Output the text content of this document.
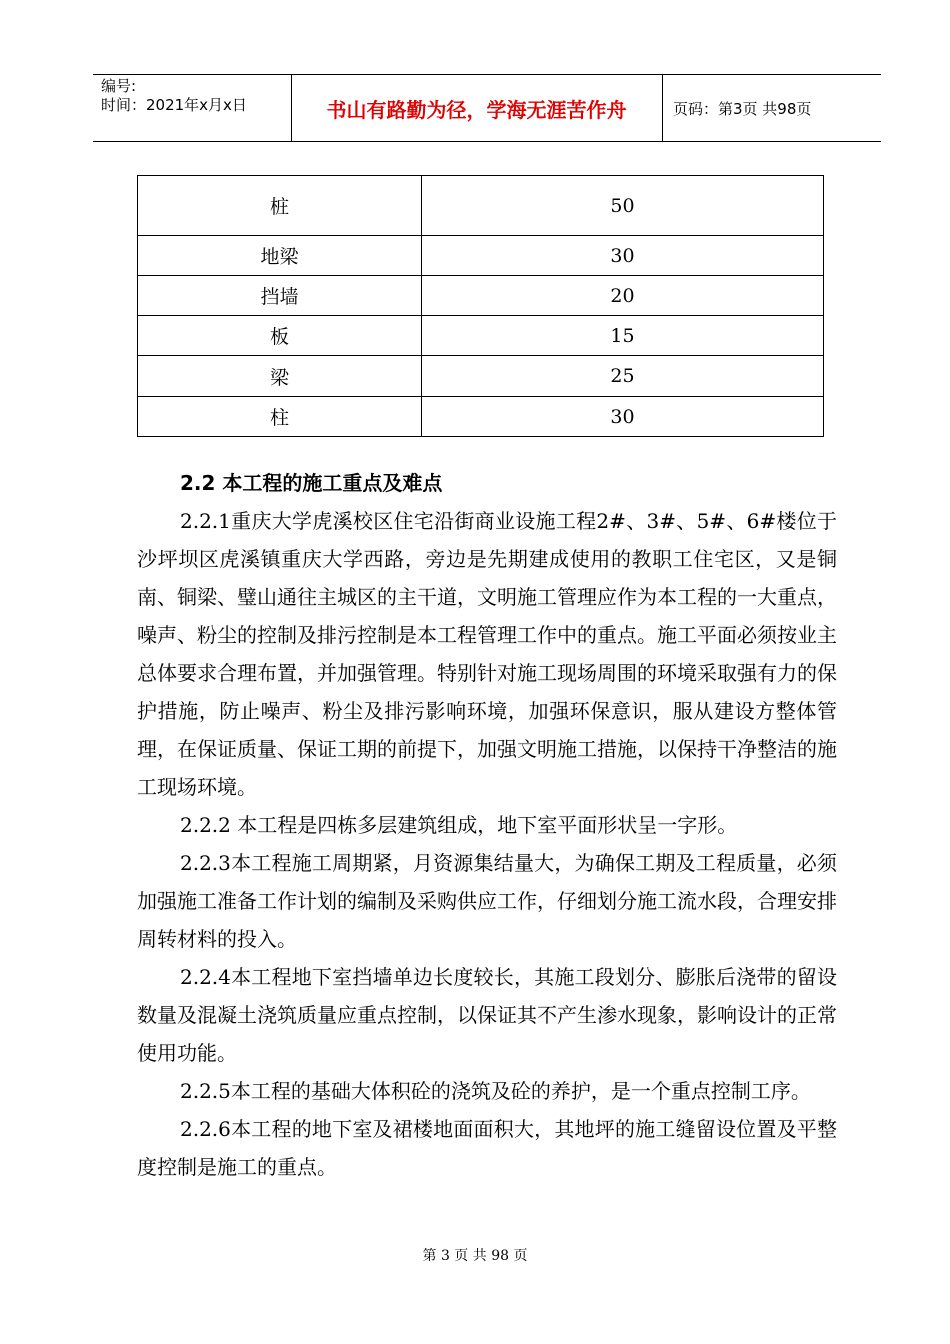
编号:
时间：2021年x月x日	书山有路勤为径，学海无涯苦作舟	页码：第3页 共98页
桩	50
地梁	30
挡墙	20
板	15
梁	25
柱	30
2.2 本工程的施工重点及难点

2.2.1重庆大学虎溪校区住宅沿街商业设施工程2#、3#、5#、6#楼位于沙坪坝区虎溪镇重庆大学西路，旁边是先期建成使用的教职工住宅区，又是铜南、铜梁、璧山通往主城区的主干道，文明施工管理应作为本工程的一大重点，噪声、粉尘的控制及排污控制是本工程管理工作中的重点。施工平面必须按业主总体要求合理布置，并加强管理。特别针对施工现场周围的环境采取强有力的保护措施，防止噪声、粉尘及排污影响环境，加强环保意识，服从建设方整体管理，在保证质量、保证工期的前提下，加强文明施工措施，以保持干净整洁的施工现场环境。

2.2.2 本工程是四栋多层建筑组成，地下室平面形状呈一字形。

2.2.3本工程施工周期紧，月资源集结量大，为确保工期及工程质量，必须加强施工准备工作计划的编制及采购供应工作，仔细划分施工流水段，合理安排周转材料的投入。

2.2.4本工程地下室挡墙单边长度较长，其施工段划分、膨胀后浇带的留设数量及混凝土浇筑质量应重点控制，以保证其不产生渗水现象，影响设计的正常使用功能。

2.2.5本工程的基础大体积砼的浇筑及砼的养护，是一个重点控制工序。

2.2.6本工程的地下室及裙楼地面面积大，其地坪的施工缝留设位置及平整度控制是施工的重点。

第 3 页 共 98 页
